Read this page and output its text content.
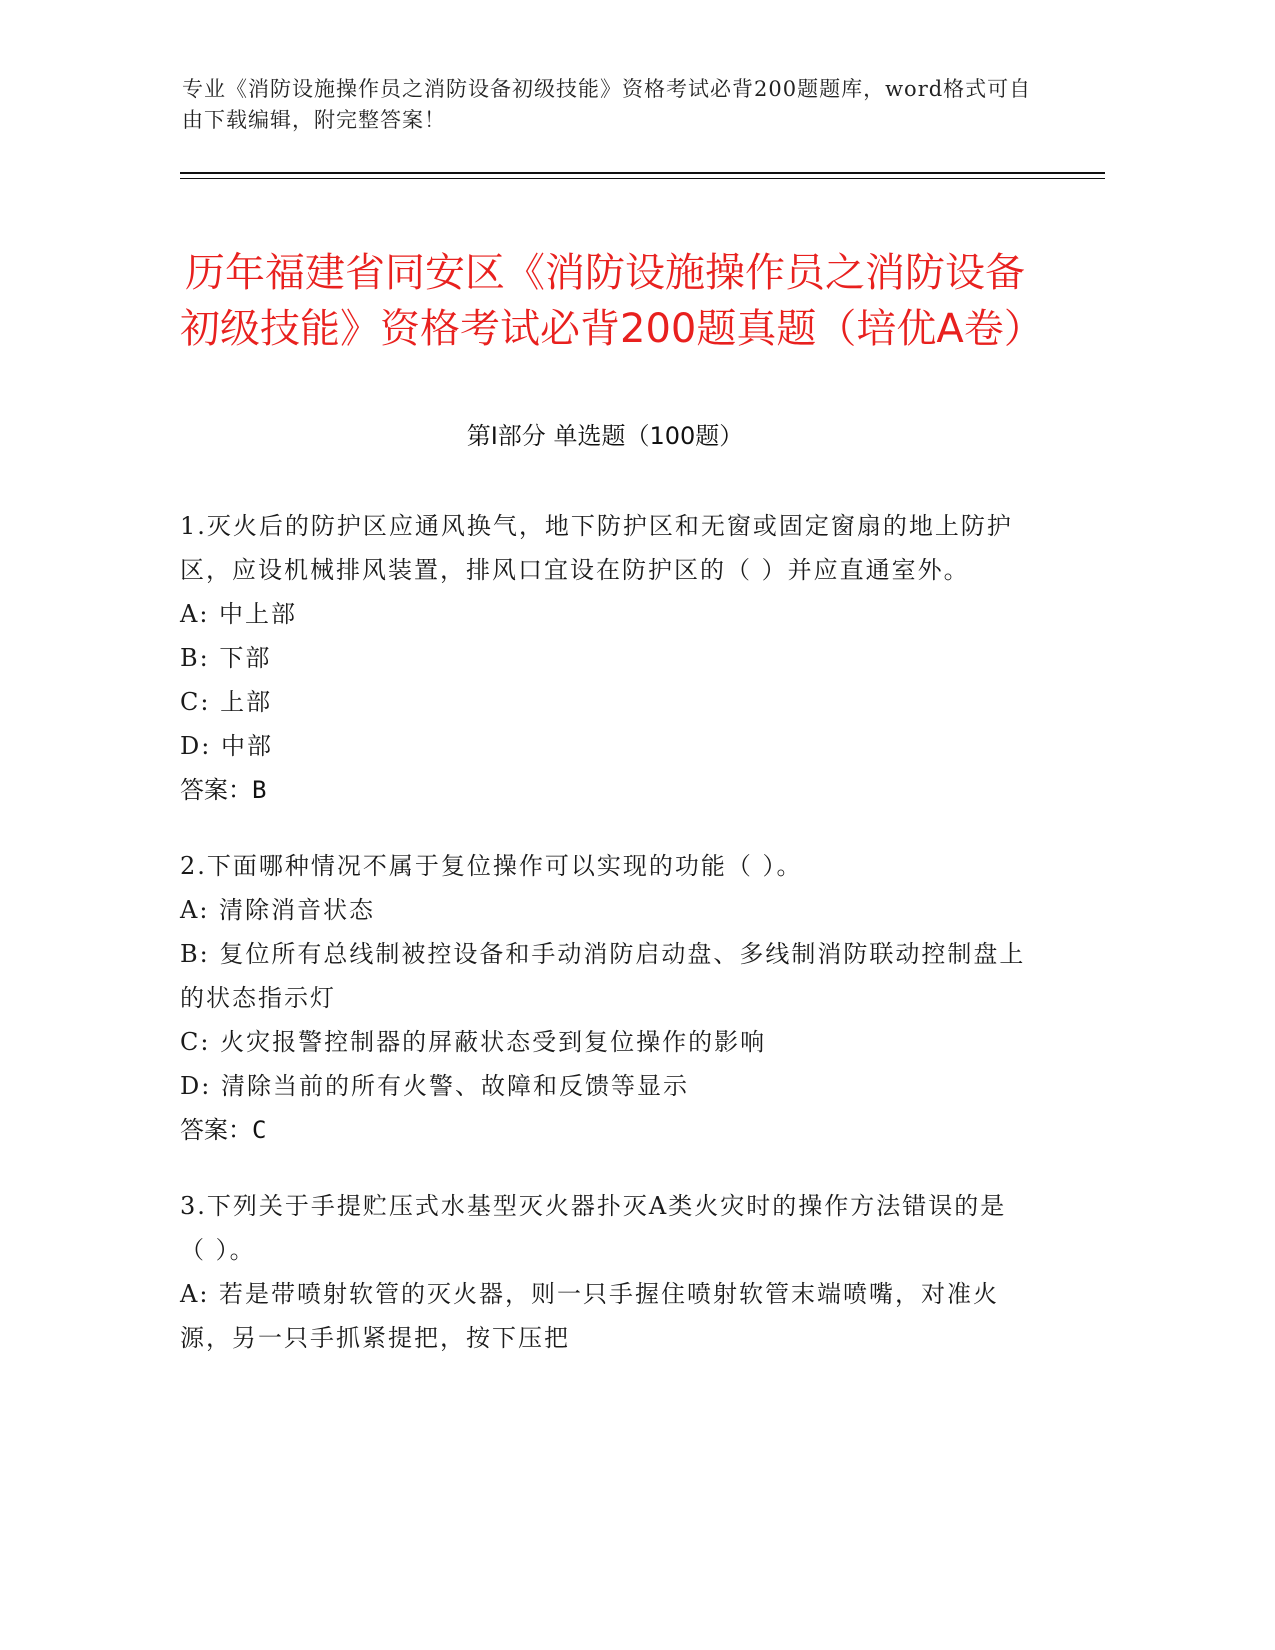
专业《消防设施操作员之消防设备初级技能》资格考试必背200题题库，word格式可自由下载编辑，附完整答案！
历年福建省同安区《消防设施操作员之消防设备初级技能》资格考试必背200题真题（培优A卷）
第Ⅰ部分 单选题（100题）
1.灭火后的防护区应通风换气，地下防护区和无窗或固定窗扇的地上防护区，应设机械排风装置，排风口宜设在防护区的（ ）并应直通室外。
A: 中上部
B: 下部
C: 上部
D: 中部
答案：B
2.下面哪种情况不属于复位操作可以实现的功能（ ）。
A: 清除消音状态
B: 复位所有总线制被控设备和手动消防启动盘、多线制消防联动控制盘上的状态指示灯
C: 火灾报警控制器的屏蔽状态受到复位操作的影响
D: 清除当前的所有火警、故障和反馈等显示
答案：C
3.下列关于手提贮压式水基型灭火器扑灭A类火灾时的操作方法错误的是（ ）。
A: 若是带喷射软管的灭火器，则一只手握住喷射软管末端喷嘴，对准火源，另一只手抓紧提把，按下压把
